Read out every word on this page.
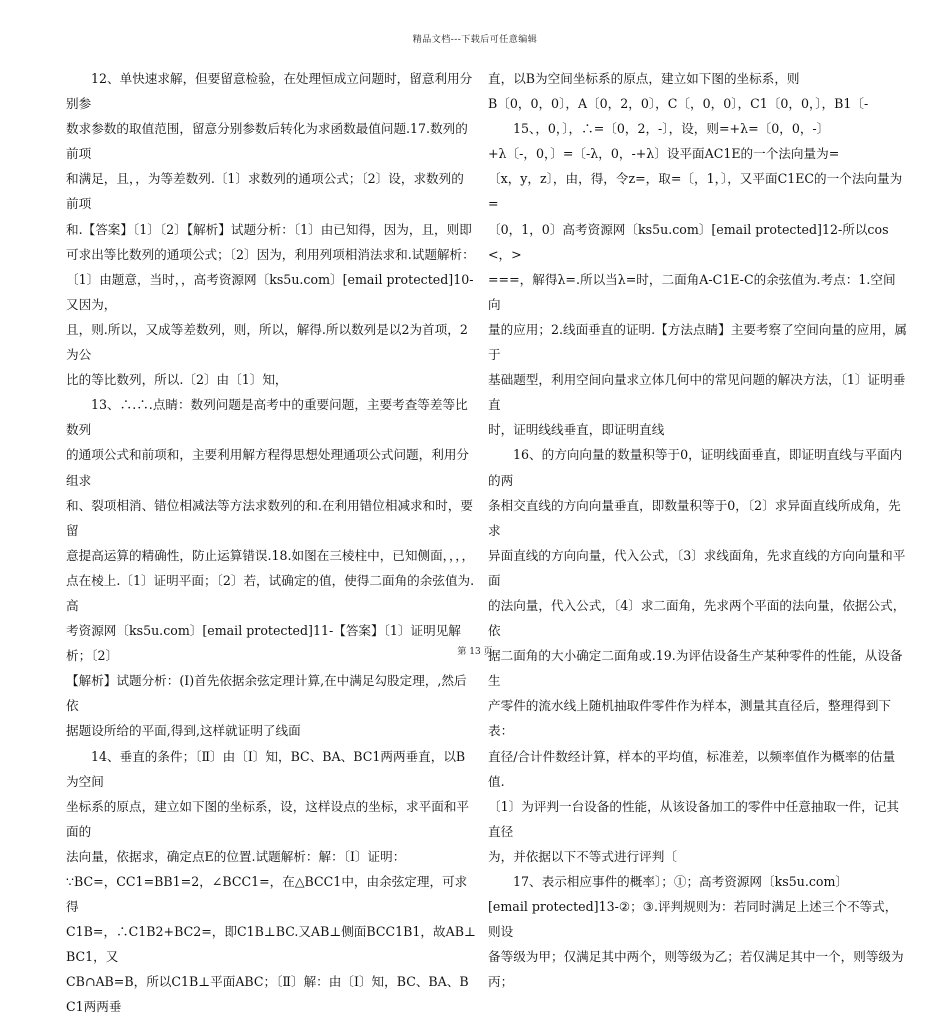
精品文档---下载后可任意编辑

12、单快速求解，但要留意检验，在处理恒成立问题时，留意利用分别参

数求参数的取值范围，留意分别参数后转化为求函数最值问题.17.数列的前项

和满足，且，，为等差数列.〔1〕求数列的通项公式；〔2〕设，求数列的前项

和.【答案】〔1〕〔2〕【解析】试题分析：〔1〕由已知得，因为，且，则即

可求出等比数列的通项公式；〔2〕因为，利用列项相消法求和.试题解析：

〔1〕由题意，当时，，高考资源网〔ks5u.com〕[email protected]10-又因为，

且，则.所以，又成等差数列，则，所以，解得.所以数列是以2为首项，2为公

比的等比数列，所以.〔2〕由〔1〕知，

13、∴.∴.点睛：数列问题是高考中的重要问题，主要考查等差等比数列

的通项公式和前项和，主要利用解方程得思想处理通项公式问题，利用分组求

和、裂项相消、错位相减法等方法求数列的和.在利用错位相减求和时，要留

意提高运算的精确性，防止运算错误.18.如图在三棱柱中，已知侧面，，，，

点在棱上.〔1〕证明平面；〔2〕若，试确定的值，使得二面角的余弦值为.高

考资源网〔ks5u.com〕[email protected]11-【答案】〔1〕证明见解析；〔2〕

【解析】试题分析：(Ⅰ)首先依据余弦定理计算,在中满足勾股定理，,然后依

据题设所给的平面,得到,这样就证明了线面

14、垂直的条件；〔Ⅱ〕由〔Ⅰ〕知，BC、BA、BC1两两垂直，以B为空间

坐标系的原点，建立如下图的坐标系，设，这样设点的坐标，求平面和平面的

法向量，依据求，确定点E的位置.试题解析：解：〔Ⅰ〕证明：

∵BC=，CC1=BB1=2，∠BCC1=，在△BCC1中，由余弦定理，可求得

C1B=，∴C1B2+BC2=，即C1B⊥BC.又AB⊥侧面BCC1B1，故AB⊥BC1，又

CB∩AB=B，所以C1B⊥平面ABC；〔Ⅱ〕解：由〔Ⅰ〕知，BC、BA、BC1两两垂

直，以B为空间坐标系的原点，建立如下图的坐标系，则

B〔0，0，0〕，A〔0，2，0〕，C〔，0，0〕，C1〔0，0，〕，B1〔-

15、，0，〕，∴=〔0，2，-〕，设，则=+λ=〔0，0，-〕

+λ〔-，0，〕=〔-λ，0，-+λ〕设平面AC1E的一个法向量为=

〔x，y，z〕，由，得，令z=，取=〔，1，〕，又平面C1EC的一个法向量为=

〔0，1，0〕高考资源网〔ks5u.com〕[email protected]12-所以cos<，>

===，解得λ=.所以当λ=时，二面角A-C1E-C的余弦值为.考点：1.空间向

量的应用；2.线面垂直的证明.【方法点睛】主要考察了空间向量的应用，属于

基础题型，利用空间向量求立体几何中的常见问题的解决方法，〔1〕证明垂直

时，证明线线垂直，即证明直线

16、的方向向量的数量积等于0，证明线面垂直，即证明直线与平面内的两

条相交直线的方向向量垂直，即数量积等于0，〔2〕求异面直线所成角，先求

异面直线的方向向量，代入公式，〔3〕求线面角，先求直线的方向向量和平面

的法向量，代入公式，〔4〕求二面角，先求两个平面的法向量，依据公式，依

据二面角的大小确定二面角或.19.为评估设备生产某种零件的性能，从设备生

产零件的流水线上随机抽取件零件作为样本，测量其直径后，整理得到下表：

直径/合计件数经计算，样本的平均值，标准差，以频率值作为概率的估量值.

〔1〕为评判一台设备的性能，从该设备加工的零件中任意抽取一件，记其直径

为，并依据以下不等式进行评判〔

17、表示相应事件的概率〕；①；高考资源网〔ks5u.com〕

[email protected]13-②；③.评判规则为：若同时满足上述三个不等式，则设

备等级为甲；仅满足其中两个，则等级为乙；若仅满足其中一个，则等级为丙；

第 13 页
